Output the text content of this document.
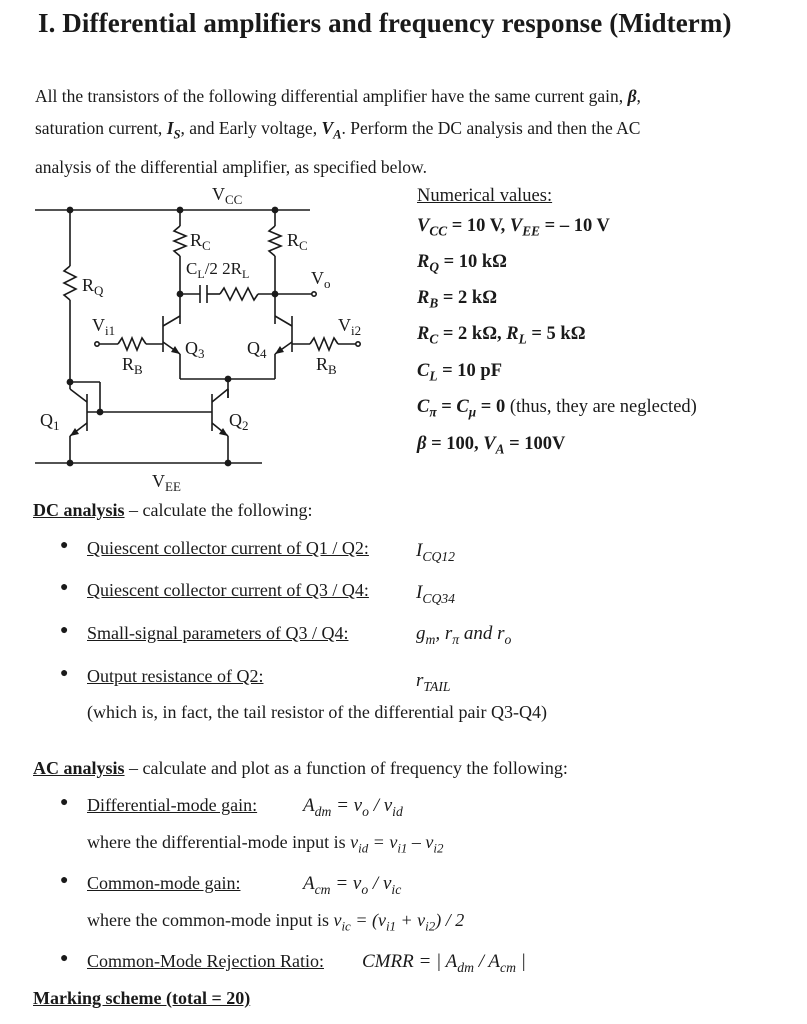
I. Differential amplifiers and frequency response (Midterm)
All the transistors of the following differential amplifier have the same current gain, β,
saturation current, $I_S$, and Early voltage, $V_A$. Perform the DC analysis and then the AC
analysis of the differential amplifier, as specified below.
$V_{CC}$
$V_{EE}$
$R_C$	$R_C$
$R_Q$
$C_L/2$ $2R_L$	$V_o$
$V_{i1}$	$V_{i2}$
$R_B$	$R_B$
$Q_3$ $Q_4$
$Q_1$	$Q_2$
Numerical values:
$V_{CC} = 10$ V, $V_{EE}$ = – 10 V
$R_Q = 10$ kΩ
$R_B = 2$ kΩ
$R_C = 2$ kΩ, $R_L = 5$ kΩ
$C_L = 10$ pF
$C_\pi = C_\mu = 0$ (thus, they are neglected)
β = 100, $V_A = 100V$
DC analysis – calculate the following:
● Quiescent collector current of Q1 / Q2: $I_{CQ12}$
● Quiescent collector current of Q3 / Q4: $I_{CQ34}$
● Small-signal parameters of Q3 / Q4:	$g_m$, $r_\pi$ and $r_o$
● Output resistance of Q2:	$r_{TAIL}$
(which is, in fact, the tail resistor of the differential pair Q3-Q4)
AC analysis – calculate and plot as a function of frequency the following:
● Differential-mode gain: $A_{dm} = v_o / v_{id}$
where the differential-mode input is $v_{id} = v_{i1} - v_{i2}$
● Common-mode gain:	$A_{cm} = v_o / v_{ic}$
where the common-mode input is $v_{ic} = (v_{i1} + v_{i2}) / 2$
● Common-Mode Rejection Ratio: CMRR = | $A_{dm} / A_{cm}$ |
Marking scheme (total = 20)
